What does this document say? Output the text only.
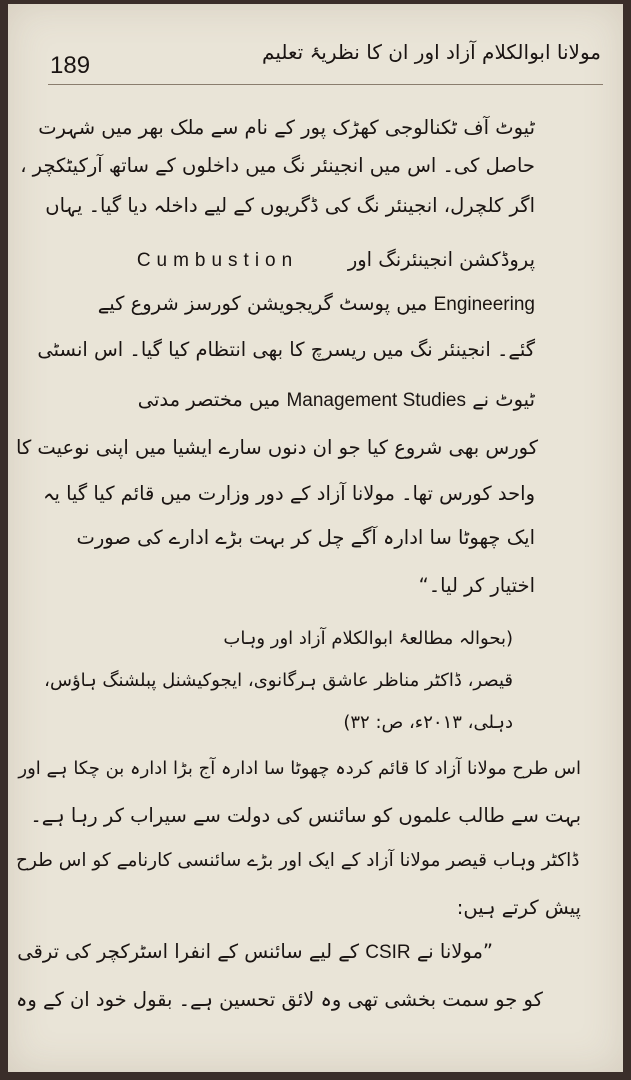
189	مولانا ابوالکلام آزاد اور ان کا نظریۂ تعلیم
ٹیوٹ آف ٹکنالوجی کھڑک پور کے نام سے ملک بھر میں شہرت
حاصل کی۔ اس میں انجینئر نگ میں داخلوں کے ساتھ آرکیٹکچر ،
اگر کلچرل، انجینئر نگ کی ڈگریوں کے لیے داخلہ دیا گیا۔ یہاں
پروڈکشن انجینئرنگ اور        Cumbustion
Engineering میں پوسٹ گریجویشن کورسز شروع کیے
گئے۔ انجینئر نگ میں ریسرچ کا بھی انتظام کیا گیا۔ اس انسٹی
ٹیوٹ نے Management Studies میں مختصر مدتی
کورس بھی شروع کیا جو ان دنوں سارے ایشیا میں اپنی نوعیت کا
واحد کورس تھا۔ مولانا آزاد کے دور وزارت میں قائم کیا گیا یہ
ایک چھوٹا سا ادارہ آگے چل کر بہت بڑے ادارے کی صورت
اختیار کر لیا۔“
(بحوالہ مطالعۂ ابوالکلام آزاد اور وہاب
قیصر، ڈاکٹر مناظر عاشق ہرگانوی، ایجوکیشنل پبلشنگ ہاؤس،
دہلی، ۲۰۱۳ء، ص: ۳۲)
اس طرح مولانا آزاد کا قائم کردہ چھوٹا سا ادارہ آج بڑا ادارہ بن چکا ہے اور
بہت سے طالب علموں کو سائنس کی دولت سے سیراب کر رہا ہے۔
ڈاکٹر وہاب قیصر مولانا آزاد کے ایک اور بڑے سائنسی کارنامے کو اس طرح
پیش کرتے ہیں:
”مولانا نے CSIR کے لیے سائنس کے انفرا اسٹرکچر کی ترقی
کو جو سمت بخشی تھی وہ لائق تحسین ہے۔ بقول خود ان کے وہ
